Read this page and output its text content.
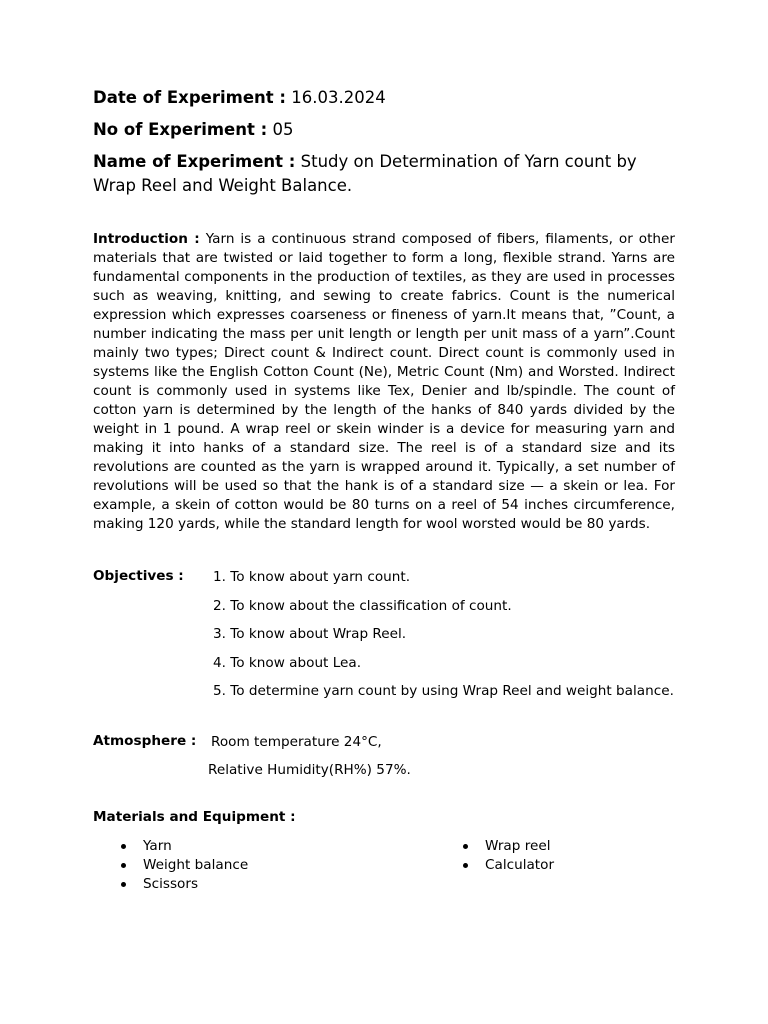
Date of Experiment : 16.03.2024
No of Experiment : 05
Name of Experiment : Study on Determination of Yarn count by Wrap Reel and Weight Balance.
Introduction : Yarn is a continuous strand composed of fibers, filaments, or other materials that are twisted or laid together to form a long, flexible strand. Yarns are fundamental components in the production of textiles, as they are used in processes such as weaving, knitting, and sewing to create fabrics. Count is the numerical expression which expresses coarseness or fineness of yarn.It means that, ”Count, a number indicating the mass per unit length or length per unit mass of a yarn”.Count mainly two types; Direct count & Indirect count. Direct count is commonly used in systems like the English Cotton Count (Ne), Metric Count (Nm) and Worsted. Indirect count is commonly used in systems like Tex, Denier and lb/spindle. The count of cotton yarn is determined by the length of the hanks of 840 yards divided by the weight in 1 pound. A wrap reel or skein winder is a device for measuring yarn and making it into hanks of a standard size. The reel is of a standard size and its revolutions are counted as the yarn is wrapped around it. Typically, a set number of revolutions will be used so that the hank is of a standard size — a skein or lea. For example, a skein of cotton would be 80 turns on a reel of 54 inches circumference, making 120 yards, while the standard length for wool worsted would be 80 yards.
Objectives :	1. To know about yarn count.
2. To know about the classification of count.
3. To know about Wrap Reel.
4. To know about Lea.
5. To determine yarn count by using Wrap Reel and weight balance.
Atmosphere :	Room temperature 24°C,
Relative Humidity(RH%) 57%.
Materials and Equipment :
Yarn
Weight balance
Scissors
Wrap reel
Calculator
